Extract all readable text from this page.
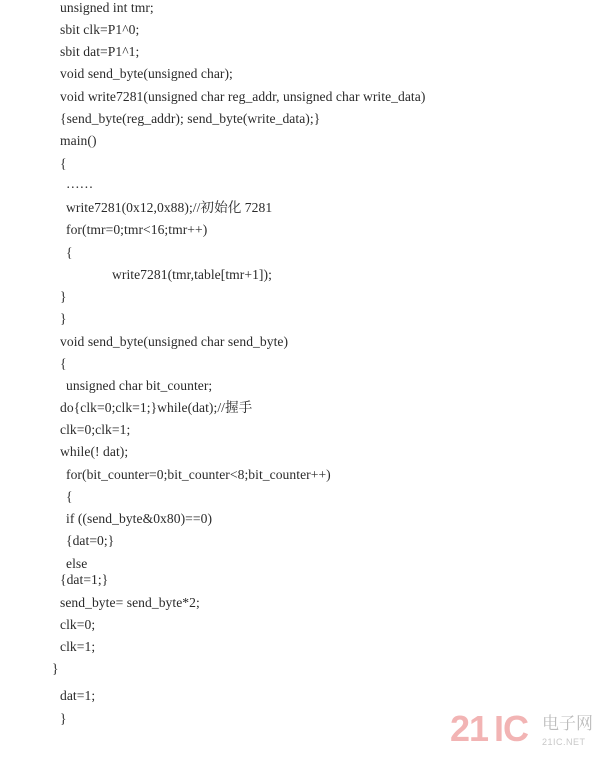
unsigned int tmr;
sbit clk=P1^0;
sbit dat=P1^1;
void send_byte(unsigned char);
void write7281(unsigned char reg_addr, unsigned char write_data)
{send_byte(reg_addr); send_byte(write_data);}
main()
{
……
write7281(0x12,0x88);//初始化 7281
for(tmr=0;tmr<16;tmr++)
{
write7281(tmr,table[tmr+1]);
}
}
void send_byte(unsigned char send_byte)
{
unsigned char bit_counter;
do{clk=0;clk=1;}while(dat);//握手
clk=0;clk=1;
while(! dat);
for(bit_counter=0;bit_counter<8;bit_counter++)
{
if ((send_byte&0x80)==0)
{dat=0;}
else
{dat=1;}
send_byte= send_byte*2;
clk=0;
clk=1;
}
dat=1;
}	21 IC 电子网
21IC.NET
